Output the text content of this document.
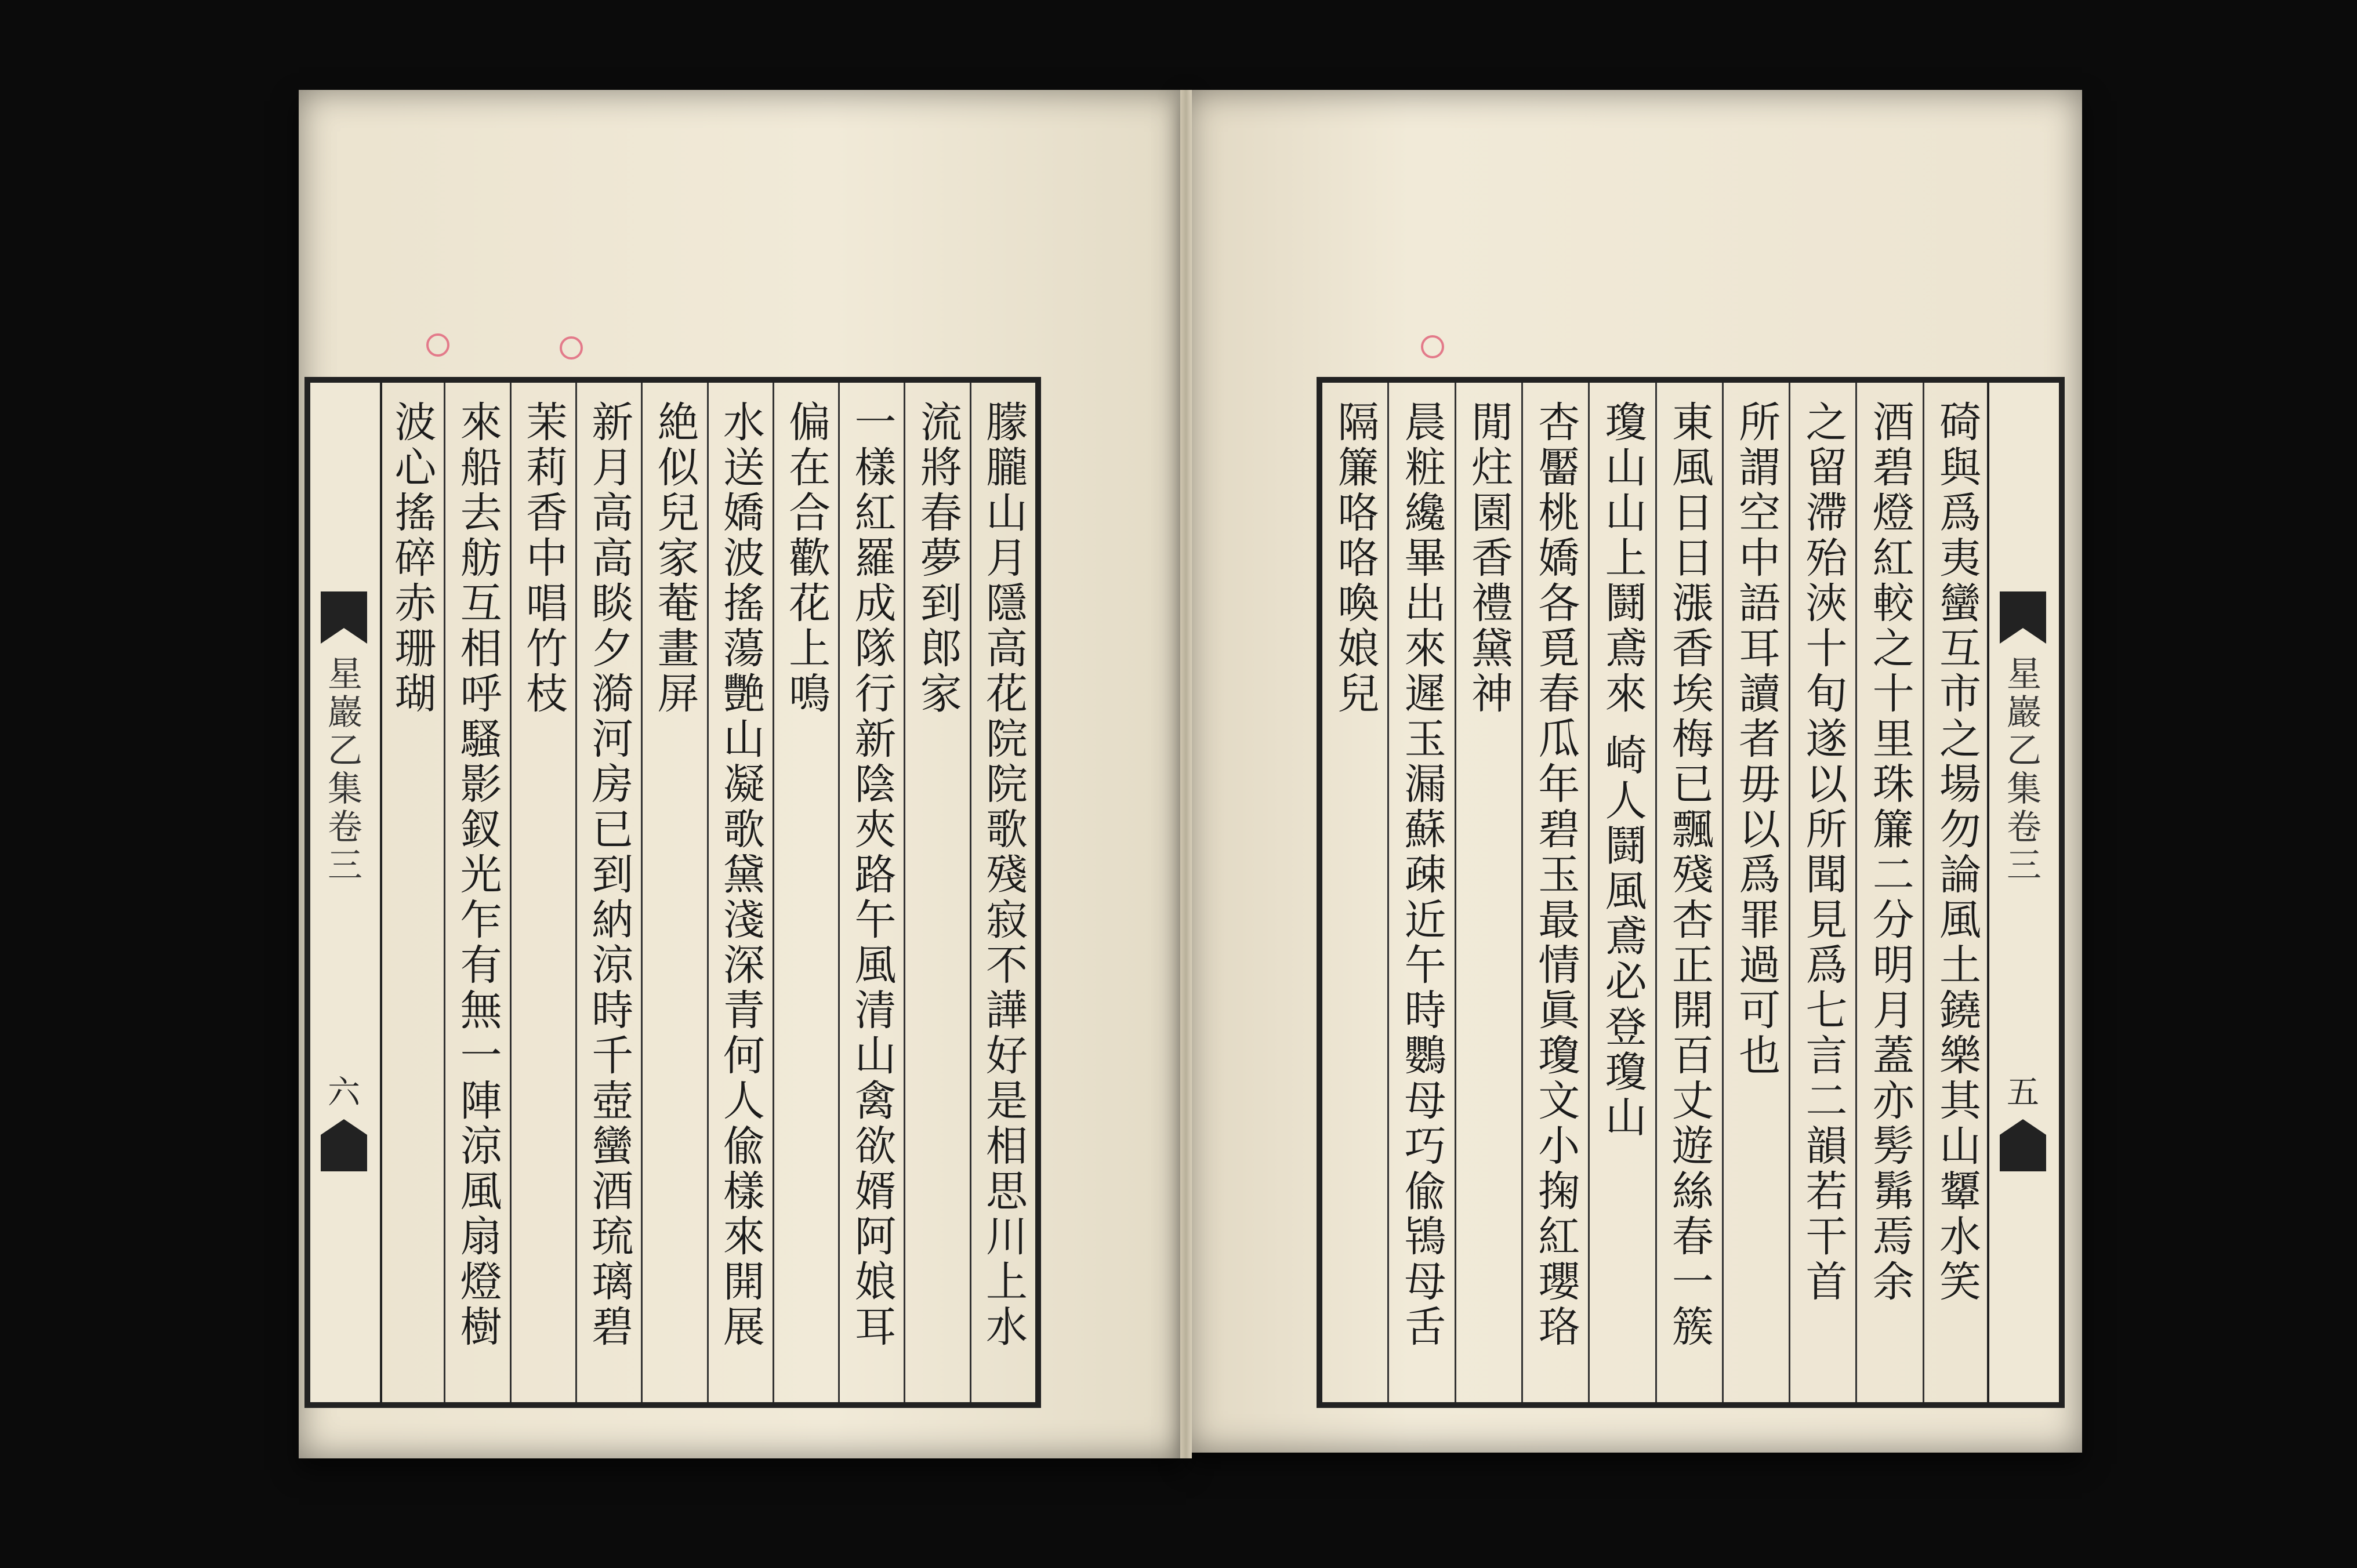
星巖乙集卷三
六	朦朧山月隱高花院院歌殘寂不譁好是相思川上水
流將春夢到郎家
一樣紅羅成隊行新陰夾路午風清山禽欲婿阿娘耳
偏在合歡花上鳴
水送嬌波搖蕩艷山凝歌黛淺深青何人偸樣來開展
絶似兒家菴畫屏
新月高高睒夕漪河房已到納涼時千壺蠻酒琉璃碧
茉莉香中唱竹枝
來船去舫互相呼騷影釵光乍有無一陣涼風扇燈樹
波心搖碎赤珊瑚	碕與爲夷蠻互市之場勿論風土鐃樂其山顰水笑
酒碧燈紅較之十里珠簾二分明月蓋亦髣髴焉余
之留滯殆浹十旬遂以所聞見爲七言二韻若干首
所謂空中語耳讀者毋以爲罪過可也
東風日日漲香埃梅已飄殘杏正開百丈遊絲春一簇
瓊山山上鬪鳶來 崎人鬪風鳶必登瓊山
杏靨桃嬌各覓春瓜年碧玉最情眞瓊文小掬紅瓔珞
閒炷園香禮黛神
晨粧纔畢出來遲玉漏蘇疎近午時鸚母巧偸鴇母舌
隔簾咯咯喚娘兒
星巖乙集卷三
五
